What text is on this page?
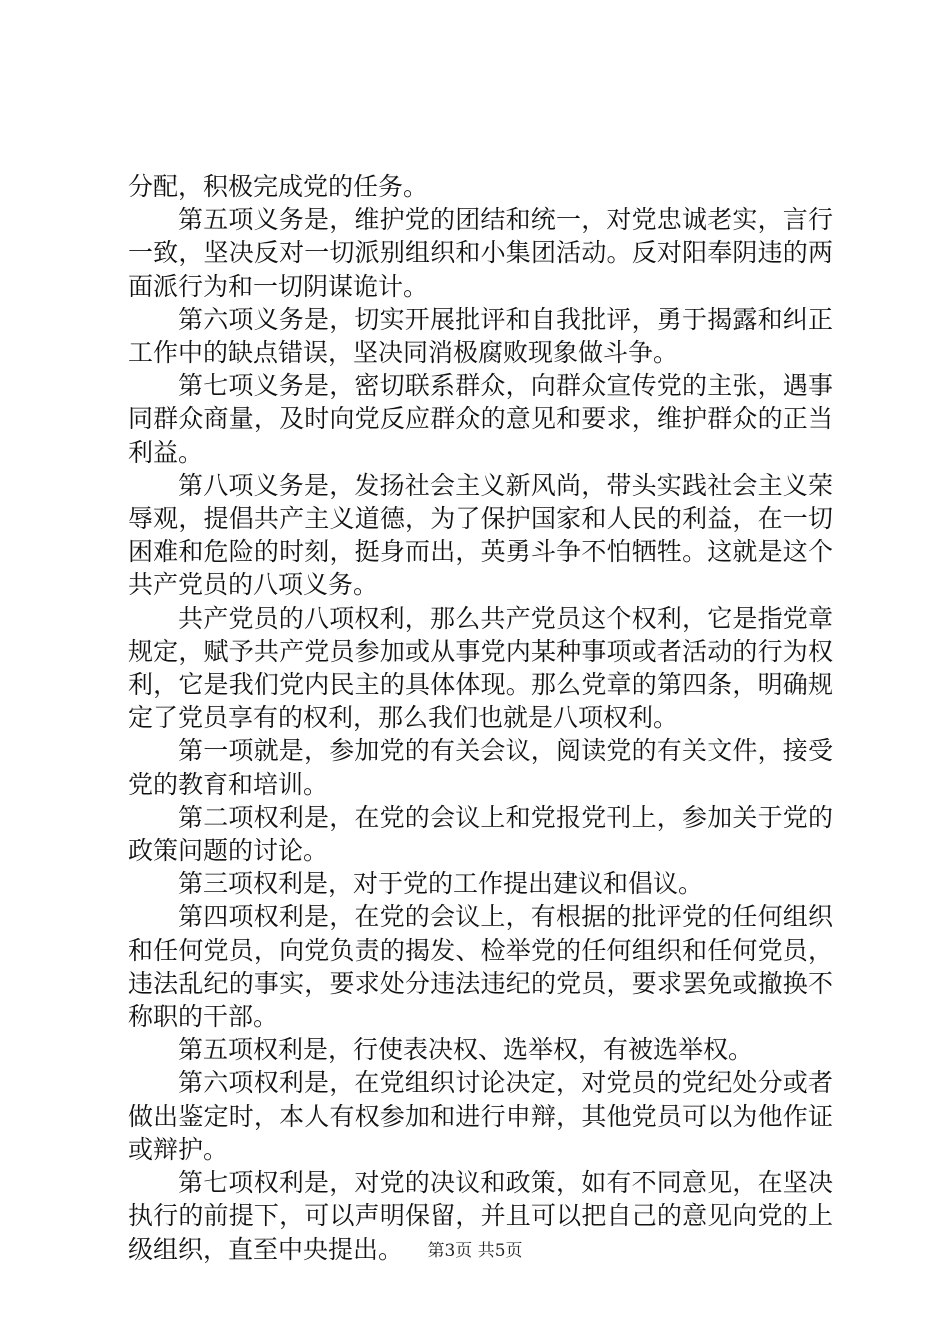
分配，积极完成党的任务。

第五项义务是，维护党的团结和统一，对党忠诚老实，言行一致，坚决反对一切派别组织和小集团活动。反对阳奉阴违的两面派行为和一切阴谋诡计。

第六项义务是，切实开展批评和自我批评，勇于揭露和纠正工作中的缺点错误，坚决同消极腐败现象做斗争。

第七项义务是，密切联系群众，向群众宣传党的主张，遇事同群众商量，及时向党反应群众的意见和要求，维护群众的正当利益。

第八项义务是，发扬社会主义新风尚，带头实践社会主义荣辱观，提倡共产主义道德，为了保护国家和人民的利益，在一切困难和危险的时刻，挺身而出，英勇斗争不怕牺牲。这就是这个共产党员的八项义务。

共产党员的八项权利，那么共产党员这个权利，它是指党章规定，赋予共产党员参加或从事党内某种事项或者活动的行为权利，它是我们党内民主的具体体现。那么党章的第四条，明确规定了党员享有的权利，那么我们也就是八项权利。

第一项就是，参加党的有关会议，阅读党的有关文件，接受党的教育和培训。

第二项权利是，在党的会议上和党报党刊上，参加关于党的政策问题的讨论。

第三项权利是，对于党的工作提出建议和倡议。

第四项权利是，在党的会议上，有根据的批评党的任何组织和任何党员，向党负责的揭发、检举党的任何组织和任何党员，违法乱纪的事实，要求处分违法违纪的党员，要求罢免或撤换不称职的干部。

第五项权利是，行使表决权、选举权，有被选举权。

第六项权利是，在党组织讨论决定，对党员的党纪处分或者做出鉴定时，本人有权参加和进行申辩，其他党员可以为他作证或辩护。

第七项权利是，对党的决议和政策，如有不同意见，在坚决执行的前提下，可以声明保留，并且可以把自己的意见向党的上级组织，直至中央提出。	第3页 共5页
